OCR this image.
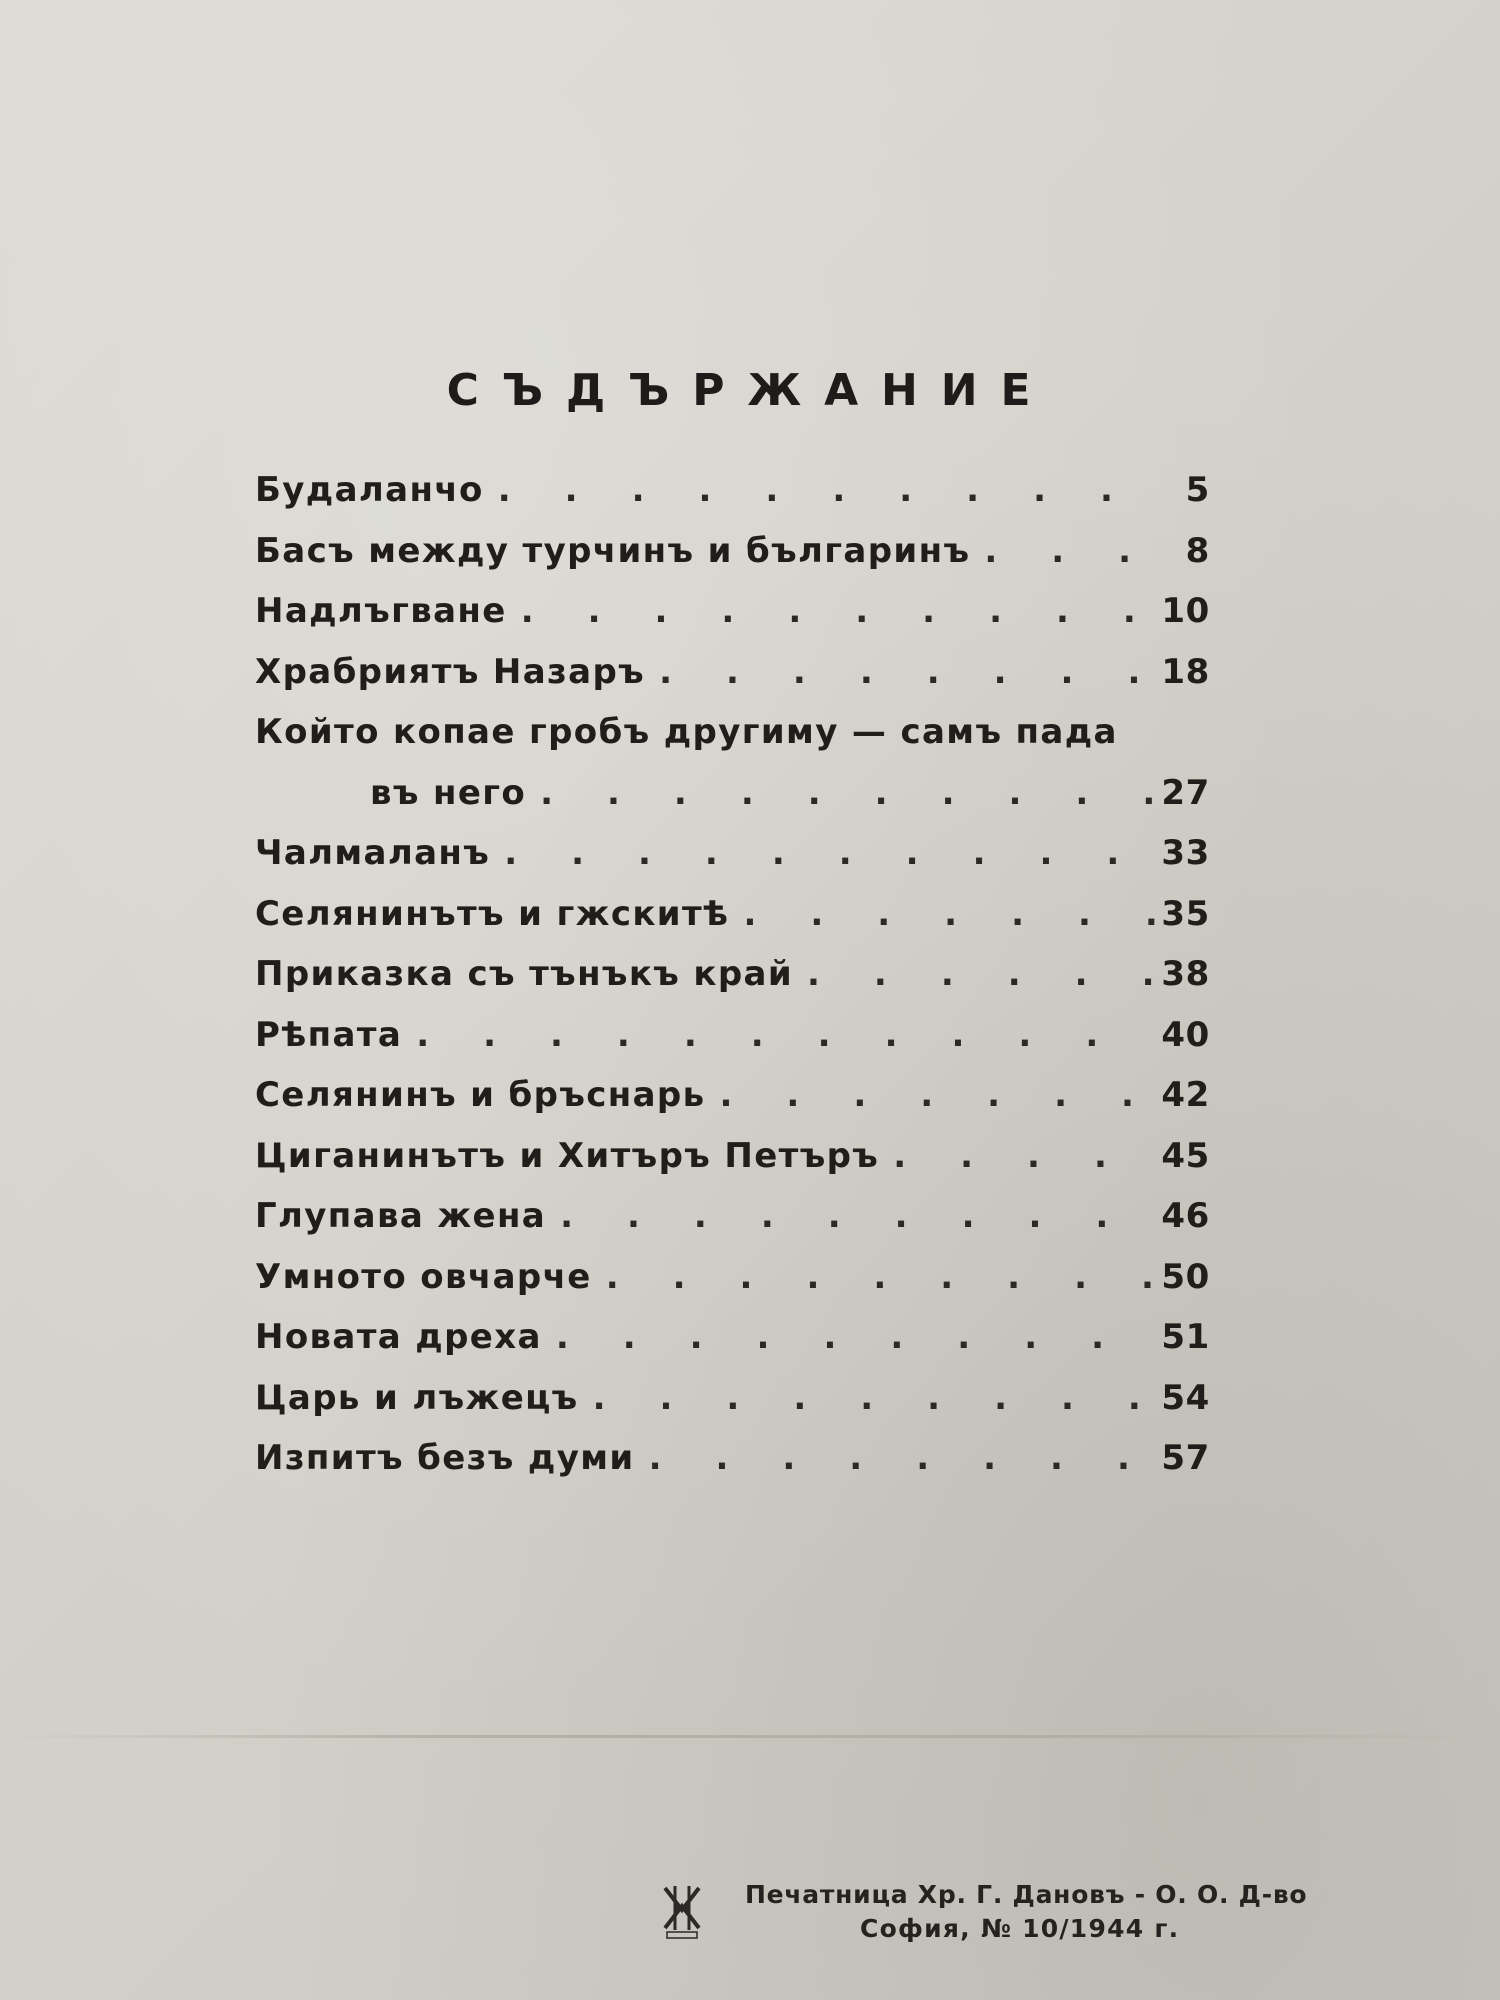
СЪДЪРЖАНИЕ
Будаланчо . . .	5
Басъ между турчинъ и българинъ . . .	8
Надлъгване . . .	10
Храбриятъ Назаръ . . .	18
Който копае гробъ другиму — самъ пада
въ него . . .	27
Чалмаланъ . . .	33
Селянинътъ и гжскитѣ . . .	35
Приказка съ тънъкъ край . . .	38
Рѣпата . . .	40
Селянинъ и бръснарь . . .	42
Циганинътъ и Хитъръ Петъръ . . .	45
Глупава жена . . .	46
Умното овчарче . . .	50
Новата дреха . . .	51
Царь и лъжецъ . . .	54
Изпитъ безъ думи . . .	57
Печатница Хр. Г. Дановъ - О. О. Д-во
София, № 10/1944 г.
